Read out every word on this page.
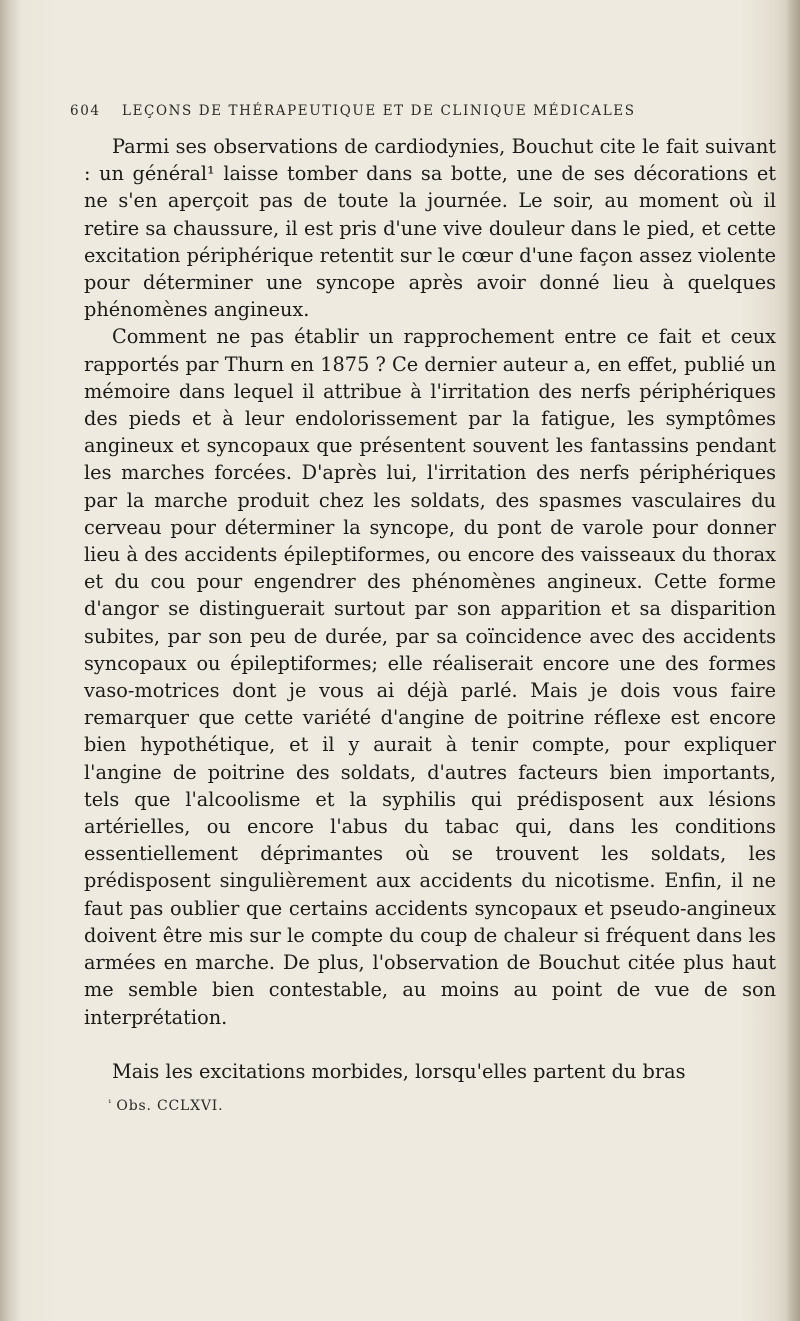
604 LEÇONS DE THÉRAPEUTIQUE ET DE CLINIQUE MÉDICALES

Parmi ses observations de cardiodynies, Bouchut cite le fait suivant : un général¹ laisse tomber dans sa botte, une de ses décorations et ne s'en aperçoit pas de toute la journée. Le soir, au moment où il retire sa chaussure, il est pris d'une vive douleur dans le pied, et cette excitation périphérique retentit sur le cœur d'une façon assez violente pour déterminer une syncope après avoir donné lieu à quelques phénomènes angineux.

Comment ne pas établir un rapprochement entre ce fait et ceux rapportés par Thurn en 1875 ? Ce dernier auteur a, en effet, publié un mémoire dans lequel il attribue à l'irritation des nerfs périphériques des pieds et à leur endolorissement par la fatigue, les symptômes angineux et syncopaux que présentent souvent les fantassins pendant les marches forcées. D'après lui, l'irritation des nerfs périphériques par la marche produit chez les soldats, des spasmes vasculaires du cerveau pour déterminer la syncope, du pont de varole pour donner lieu à des accidents épileptiformes, ou encore des vaisseaux du thorax et du cou pour engendrer des phénomènes angineux. Cette forme d'angor se distinguerait surtout par son apparition et sa disparition subites, par son peu de durée, par sa coïncidence avec des accidents syncopaux ou épileptiformes; elle réaliserait encore une des formes vaso-motrices dont je vous ai déjà parlé. Mais je dois vous faire remarquer que cette variété d'angine de poitrine réflexe est encore bien hypothétique, et il y aurait à tenir compte, pour expliquer l'angine de poitrine des soldats, d'autres facteurs bien importants, tels que l'alcoolisme et la syphilis qui prédisposent aux lésions artérielles, ou encore l'abus du tabac qui, dans les conditions essentiellement déprimantes où se trouvent les soldats, les prédisposent singulièrement aux accidents du nicotisme. Enfin, il ne faut pas oublier que certains accidents syncopaux et pseudo-angineux doivent être mis sur le compte du coup de chaleur si fréquent dans les armées en marche. De plus, l'observation de Bouchut citée plus haut me semble bien contestable, au moins au point de vue de son interprétation.

Mais les excitations morbides, lorsqu'elles partent du bras

$^{^1}$ Obs. CCLXVI.
